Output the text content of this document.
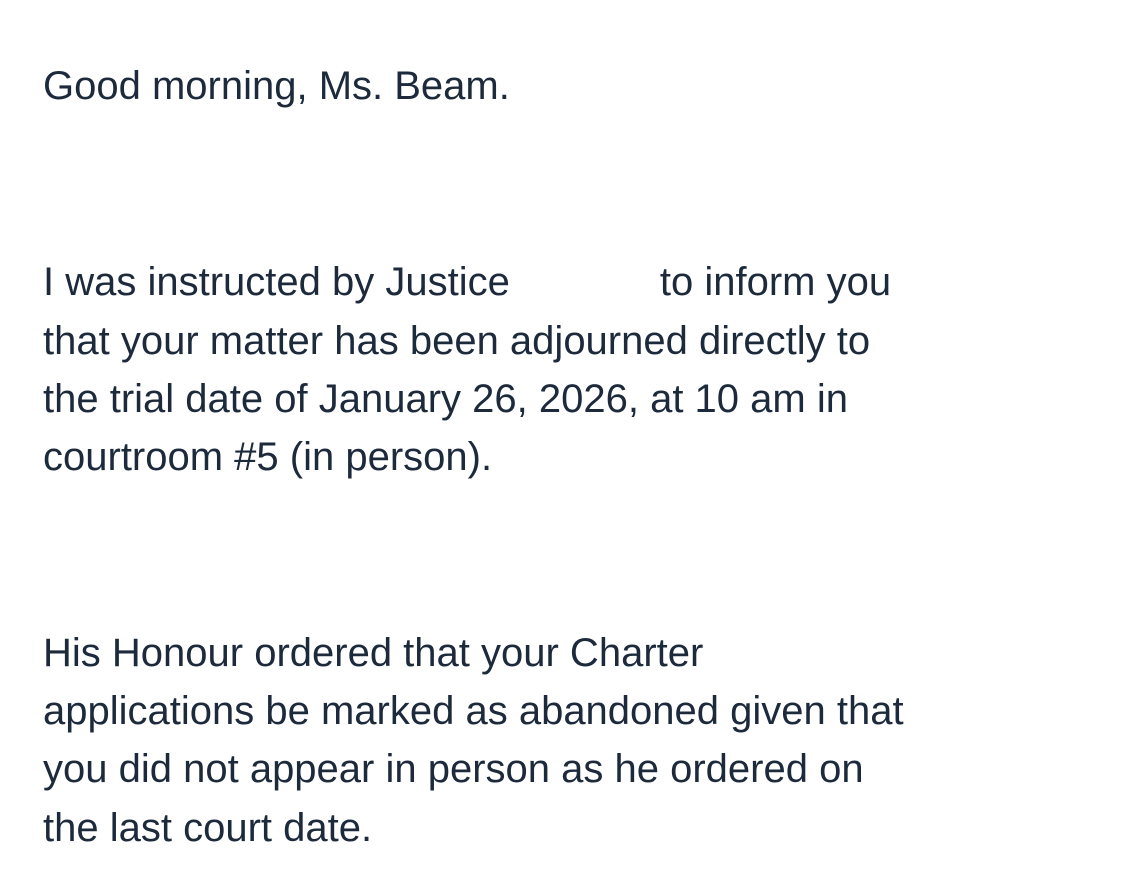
Good morning, Ms. Beam.
I was instructed by Justice	to inform you
that your matter has been adjourned directly to
the trial date of January 26, 2026, at 10 am in
courtroom #5 (in person).
His Honour ordered that your Charter
applications be marked as abandoned given that
you did not appear in person as he ordered on
the last court date.
